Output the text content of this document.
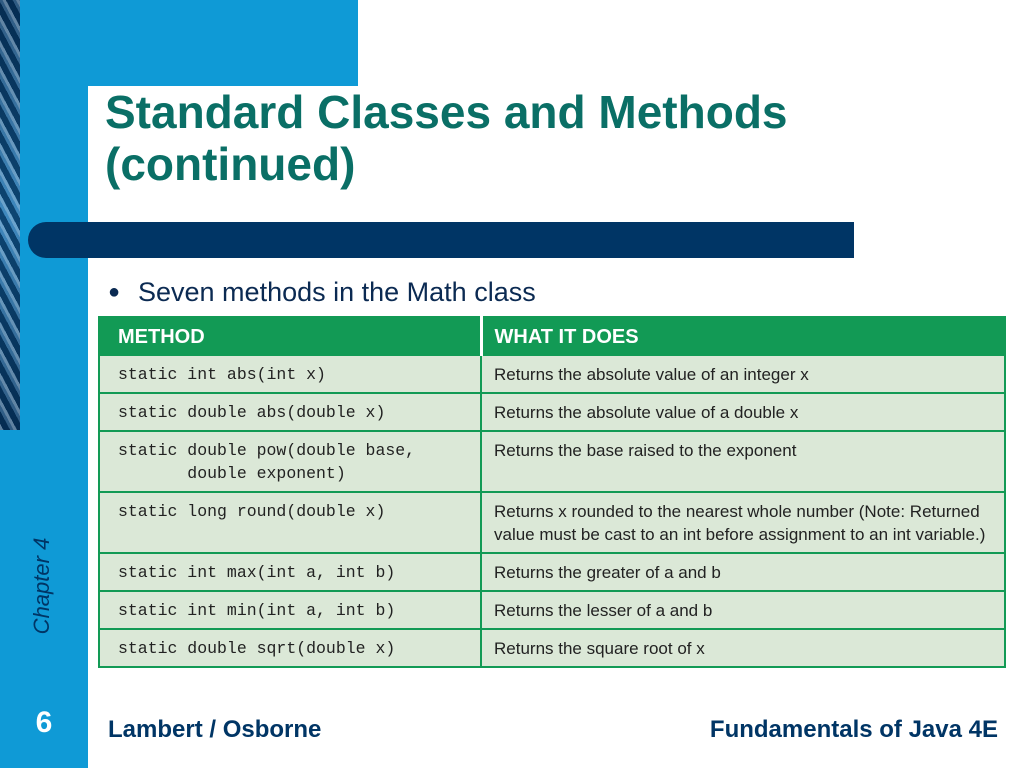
Standard Classes and Methods (continued)
● Seven methods in the Math class
METHOD	WHAT IT DOES
static int abs(int x)	Returns the absolute value of an integer x
static double abs(double x)	Returns the absolute value of a double x
static double pow(double base,
double exponent)	Returns the base raised to the exponent
static long round(double x)	Returns x rounded to the nearest whole number (Note: Returned value must be cast to an int before assignment to an int variable.)
static int max(int a, int b)	Returns the greater of a and b
static int min(int a, int b)	Returns the lesser of a and b
static double sqrt(double x)	Returns the square root of x
Chapter 4
6	Lambert / Osborne	Fundamentals of Java 4E
